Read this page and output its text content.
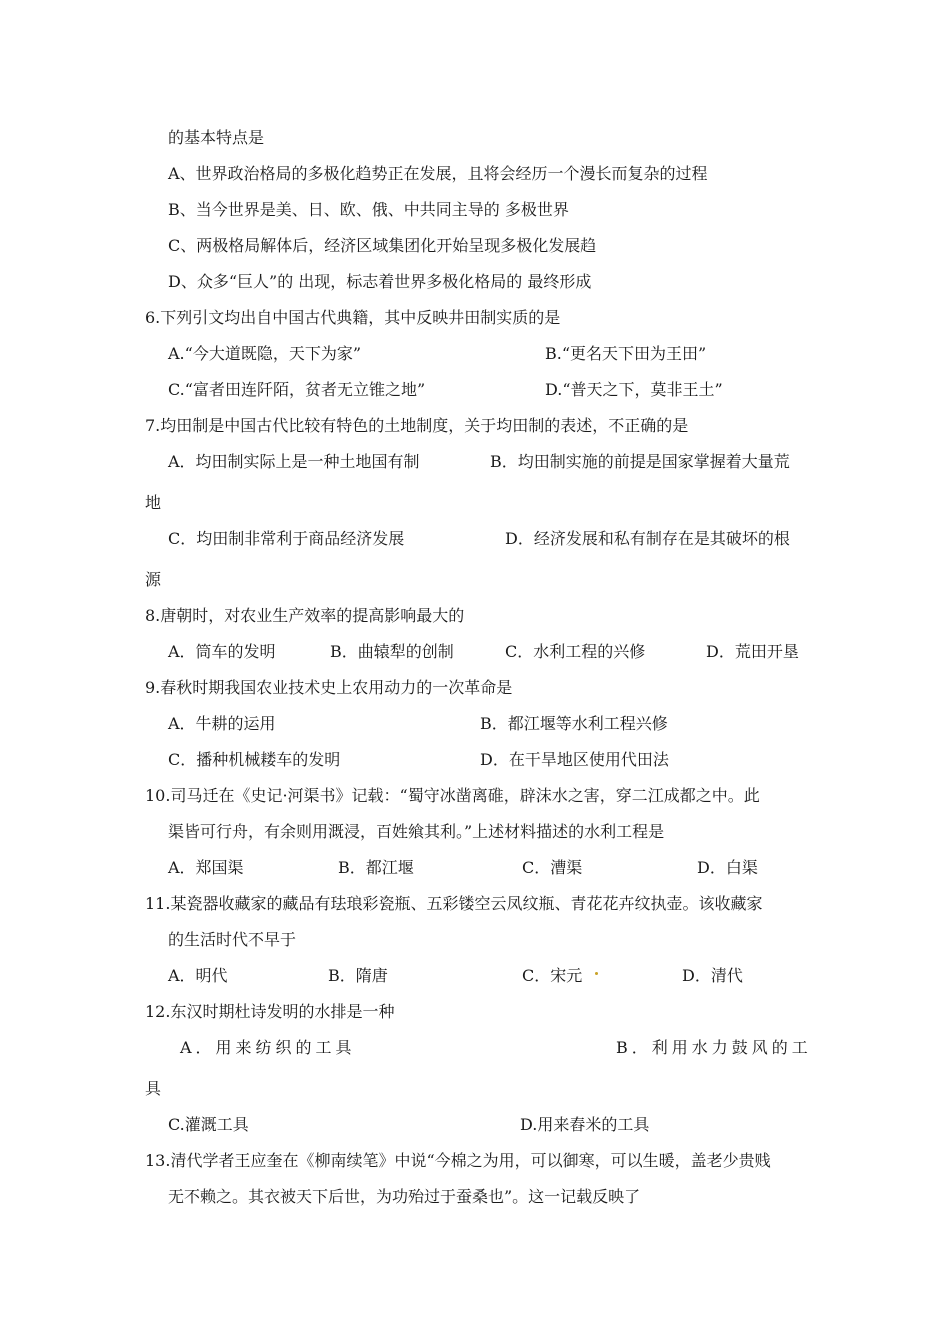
的基本特点是
A、世界政治格局的多极化趋势正在发展，且将会经历一个漫长而复杂的过程
B、当今世界是美、日、欧、俄、中共同主导的 多极世界
C、两极格局解体后，经济区域集团化开始呈现多极化发展趋
D、众多“巨人”的 出现，标志着世界多极化格局的 最终形成
6.下列引文均出自中国古代典籍，其中反映井田制实质的是
A.“今大道既隐，天下为家”	B.“更名天下田为王田”
C.“富者田连阡陌，贫者无立锥之地”	D.“普天之下，莫非王土”
7.均田制是中国古代比较有特色的土地制度，关于均田制的表述，不正确的是
A．均田制实际上是一种土地国有制	B．均田制实施的前提是国家掌握着大量荒
地
C．均田制非常利于商品经济发展	D．经济发展和私有制存在是其破坏的根
源
8.唐朝时，对农业生产效率的提高影响最大的
A．筒车的发明	B．曲辕犁的创制	C．水利工程的兴修	D．荒田开垦
9.春秋时期我国农业技术史上农用动力的一次革命是
A．牛耕的运用	B．都江堰等水利工程兴修
C．播种机械耧车的发明	D．在干旱地区使用代田法
10.司马迁在《史记·河渠书》记载：“蜀守冰凿离碓，辟沫水之害，穿二江成都之中。此
渠皆可行舟，有余则用溉浸，百姓飨其利。”上述材料描述的水利工程是
A．郑国渠	B．都江堰	C．漕渠	D．白渠
11.某瓷器收藏家的藏品有珐琅彩瓷瓶、五彩镂空云凤纹瓶、青花花卉纹执壶。该收藏家
的生活时代不早于
A．明代	B．隋唐	C．宋元	D．清代
12.东汉时期杜诗发明的水排是一种
A．用来纺织的工具	B．利用水力鼓风的工
具
C.灌溉工具	D.用来舂米的工具
13.清代学者王应奎在《柳南续笔》中说“今棉之为用，可以御寒，可以生暖，盖老少贵贱
无不赖之。其衣被天下后世，为功殆过于蚕桑也”。这一记载反映了
